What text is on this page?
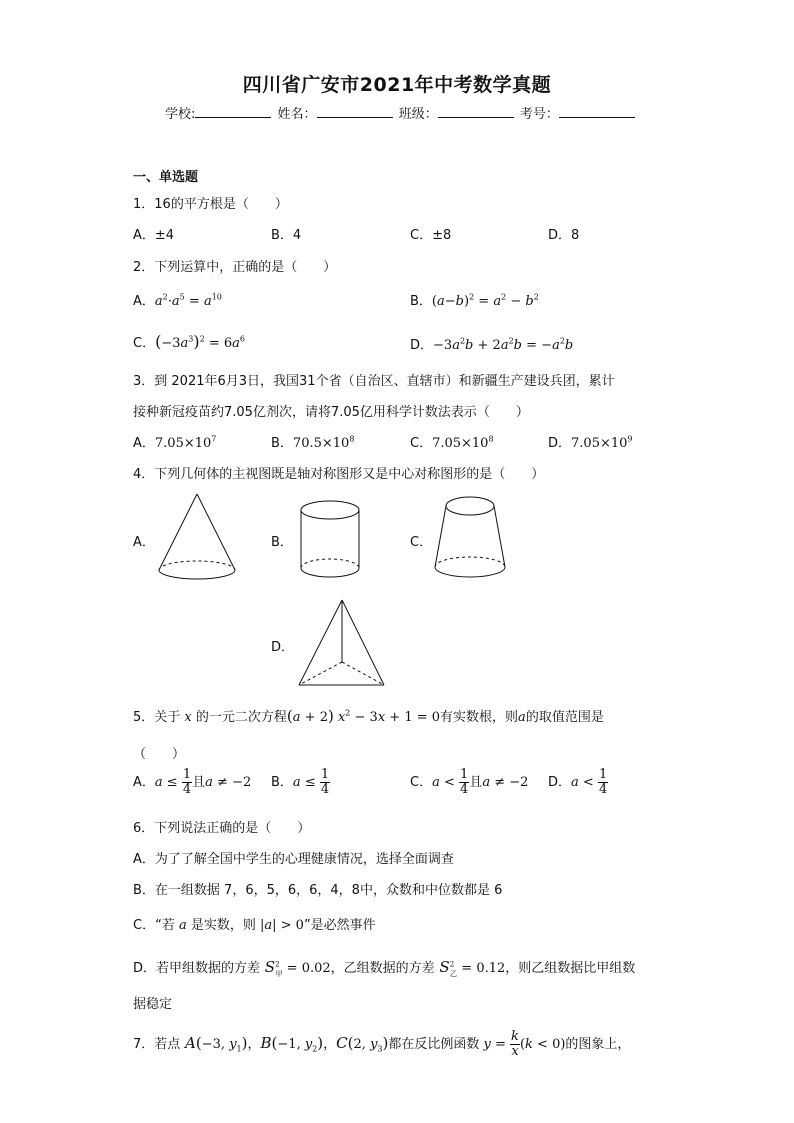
四川省广安市2021年中考数学真题
学校:	姓名：	班级：	考号：
一、单选题
1．16的平方根是（　　）
A．±4	B．4	C．±8	D．8
2．下列运算中，正确的是（　　）
A．$a^2\cdot a^5 = a^{10}$	B．$(a-b)^2 = a^2 - b^2$
C．$(-3a^3)^2 = 6a^6$	D．$-3a^2b + 2a^2b = -a^2b$
3．到 2021年6月3日，我国31个省（自治区、直辖市）和新疆生产建设兵团，累计
接种新冠疫苗约7.05亿剂次，请将7.05亿用科学计数法表示（　　）
A．$7.05\times 10^7$	B．$70.5\times 10^8$	C．$7.05\times 10^8$	D．$7.05\times 10^9$
4．下列几何体的主视图既是轴对称图形又是中心对称图形的是（　　）
A．	B．	C．
D．
5．关于 x 的一元二次方程(a + 2) $x^2 - 3x + 1 = 0$有实数根，则a的取值范围是
（　　）
A．$a \le \frac{1}{4}$ 且a ≠ −2 B．$a \le \frac{1}{4}$	C．$a < \frac{1}{4}$ 且a ≠ −2 D．$a < \frac{1}{4}$
6．下列说法正确的是（　　）
A．为了了解全国中学生的心理健康情况，选择全面调查
B．在一组数据 7，6，5，6，6，4，8中，众数和中位数都是 6
C．“若 a 是实数，则 |a| > 0”是必然事件
D．若甲组数据的方差 $S^2_甲 = 0.02$，乙组数据的方差 $S^2_乙 = 0.12$，则乙组数据比甲组数
据稳定
7．若点 A(−3, $y_1$)，B(−1, $y_2$)，C(2, $y_3$)都在反比例函数 $y = \frac{k}{x} (k < 0)$的图象上，
